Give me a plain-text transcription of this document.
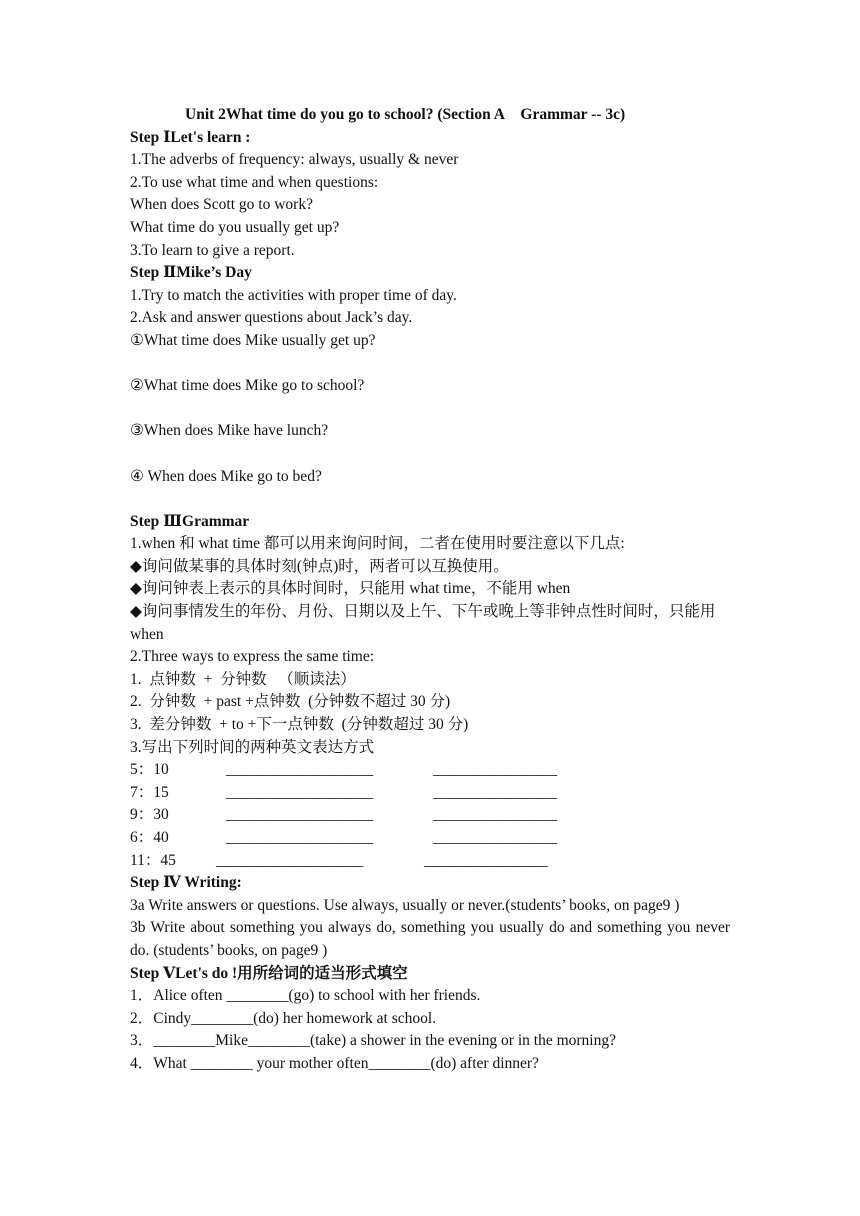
Unit 2What time do you go to school? (Section A    Grammar -- 3c)
Step ⅠLet's learn :
1.The adverbs of frequency: always, usually & never
2.To use what time and when questions:
When does Scott go to work?
What time do you usually get up?
3.To learn to give a report.
Step ⅡMike’s Day
1.Try to match the activities with proper time of day.
2.Ask and answer questions about Jack’s day.
①What time does Mike usually get up?
②What time does Mike go to school?
③When does Mike have lunch?
④ When does Mike go to bed?
Step ⅢGrammar
1.when 和 what time 都可以用来询问时间，二者在使用时要注意以下几点:
◆询问做某事的具体时刻(钟点)时，两者可以互换使用。
◆询问钟表上表示的具体时间时，只能用 what time，不能用 when
◆询问事情发生的年份、月份、日期以及上午、下午或晚上等非钟点性时间时，只能用 when
2.Three ways to express the same time:
1.  点钟数  +  分钟数   （顺读法）
2.  分钟数  + past +点钟数  (分钟数不超过 30 分)
3.  差分钟数  + to +下一点钟数  (分钟数超过 30 分)
3.写出下列时间的两种英文表达方式
5：10	___________________	________________
7：15	___________________	________________
9：30	___________________	________________
6：40	___________________	________________
11：45	___________________	________________
Step Ⅳ Writing:
3a Write answers or questions. Use always, usually or never.(students’ books, on page9 )
3b Write about something you always do, something you usually do and something you never do. (students’ books, on page9 )
Step ⅤLet's do !用所给词的适当形式填空
1．Alice often ________(go) to school with her friends.
2．Cindy________(do) her homework at school.
3．________Mike________(take) a shower in the evening or in the morning?
4．What ________ your mother often________(do) after dinner?
